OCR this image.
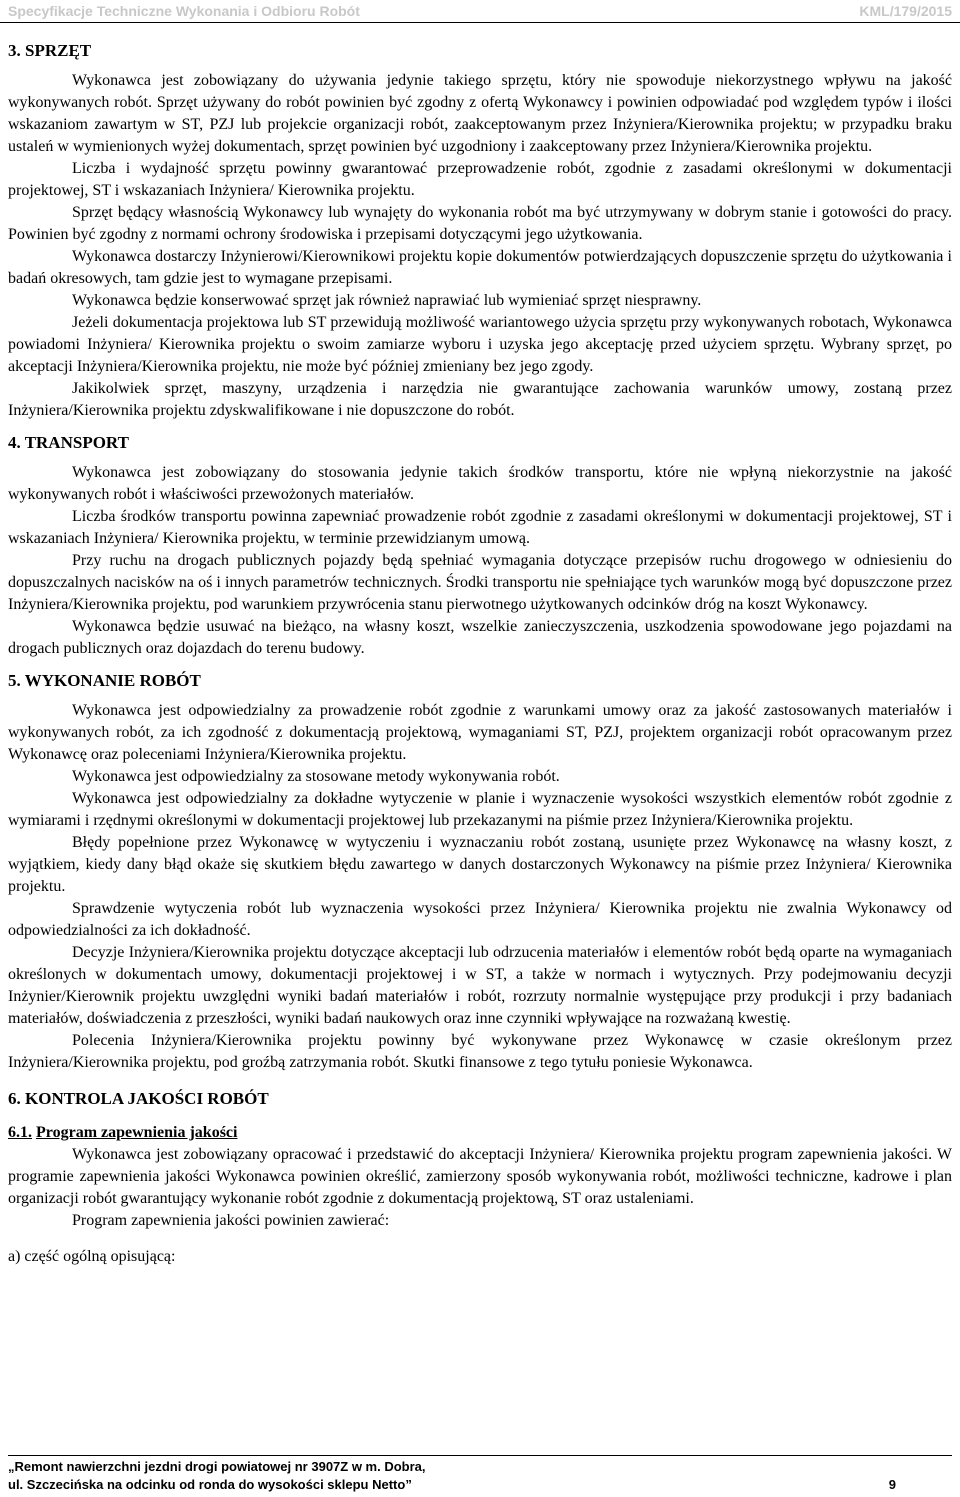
Specyfikacje Techniczne Wykonania i Odbioru Robót	KML/179/2015
3. SPRZĘT

Wykonawca jest zobowiązany do używania jedynie takiego sprzętu, który nie spowoduje niekorzystnego wpływu na jakość wykonywanych robót. Sprzęt używany do robót powinien być zgodny z ofertą Wykonawcy i powinien odpowiadać pod względem typów i ilości wskazaniom zawartym w ST, PZJ lub projekcie organizacji robót, zaakceptowanym przez Inżyniera/Kierownika projektu; w przypadku braku ustaleń w wymienionych wyżej dokumentach, sprzęt powinien być uzgodniony i zaakceptowany przez Inżyniera/Kierownika projektu.

Liczba i wydajność sprzętu powinny gwarantować przeprowadzenie robót, zgodnie z zasadami określonymi w dokumentacji projektowej, ST i wskazaniach Inżyniera/ Kierownika projektu.

Sprzęt będący własnością Wykonawcy lub wynajęty do wykonania robót ma być utrzymywany w dobrym stanie i gotowości do pracy. Powinien być zgodny z normami ochrony środowiska i przepisami dotyczącymi jego użytkowania.

Wykonawca dostarczy Inżynierowi/Kierownikowi projektu kopie dokumentów potwierdzających dopuszczenie sprzętu do użytkowania i badań okresowych, tam gdzie jest to wymagane przepisami.

Wykonawca będzie konserwować sprzęt jak również naprawiać lub wymieniać sprzęt niesprawny.

Jeżeli dokumentacja projektowa lub ST przewidują możliwość wariantowego użycia sprzętu przy wykonywanych robotach, Wykonawca powiadomi Inżyniera/ Kierownika projektu o swoim zamiarze wyboru i uzyska jego akceptację przed użyciem sprzętu. Wybrany sprzęt, po akceptacji Inżyniera/Kierownika projektu, nie może być później zmieniany bez jego zgody.

Jakikolwiek sprzęt, maszyny, urządzenia i narzędzia nie gwarantujące zachowania warunków umowy, zostaną przez Inżyniera/Kierownika projektu zdyskwalifikowane i nie dopuszczone do robót.

4. TRANSPORT

Wykonawca jest zobowiązany do stosowania jedynie takich środków transportu, które nie wpłyną niekorzystnie na jakość wykonywanych robót i właściwości przewożonych materiałów.

Liczba środków transportu powinna zapewniać prowadzenie robót zgodnie z zasadami określonymi w dokumentacji projektowej, ST i wskazaniach Inżyniera/ Kierownika projektu, w terminie przewidzianym umową.

Przy ruchu na drogach publicznych pojazdy będą spełniać wymagania dotyczące przepisów ruchu drogowego w odniesieniu do dopuszczalnych nacisków na oś i innych parametrów technicznych. Środki transportu nie spełniające tych warunków mogą być dopuszczone przez Inżyniera/Kierownika projektu, pod warunkiem przywrócenia stanu pierwotnego użytkowanych odcinków dróg na koszt Wykonawcy.

Wykonawca będzie usuwać na bieżąco, na własny koszt, wszelkie zanieczyszczenia, uszkodzenia spowodowane jego pojazdami na drogach publicznych oraz dojazdach do terenu budowy.

5. WYKONANIE ROBÓT

Wykonawca jest odpowiedzialny za prowadzenie robót zgodnie z warunkami umowy oraz za jakość zastosowanych materiałów i wykonywanych robót, za ich zgodność z dokumentacją projektową, wymaganiami ST, PZJ, projektem organizacji robót opracowanym przez Wykonawcę oraz poleceniami Inżyniera/Kierownika projektu.

Wykonawca jest odpowiedzialny za stosowane metody wykonywania robót.

Wykonawca jest odpowiedzialny za dokładne wytyczenie w planie i wyznaczenie wysokości wszystkich elementów robót zgodnie z wymiarami i rzędnymi określonymi w dokumentacji projektowej lub przekazanymi na piśmie przez Inżyniera/Kierownika projektu.

Błędy popełnione przez Wykonawcę w wytyczeniu i wyznaczaniu robót zostaną, usunięte przez Wykonawcę na własny koszt, z wyjątkiem, kiedy dany błąd okaże się skutkiem błędu zawartego w danych dostarczonych Wykonawcy na piśmie przez Inżyniera/ Kierownika projektu.

Sprawdzenie wytyczenia robót lub wyznaczenia wysokości przez Inżyniera/ Kierownika projektu nie zwalnia Wykonawcy od odpowiedzialności za ich dokładność.

Decyzje Inżyniera/Kierownika projektu dotyczące akceptacji lub odrzucenia materiałów i elementów robót będą oparte na wymaganiach określonych w dokumentach umowy, dokumentacji projektowej i w ST, a także w normach i wytycznych. Przy podejmowaniu decyzji Inżynier/Kierownik projektu uwzględni wyniki badań materiałów i robót, rozrzuty normalnie występujące przy produkcji i przy badaniach materiałów, doświadczenia z przeszłości, wyniki badań naukowych oraz inne czynniki wpływające na rozważaną kwestię.

Polecenia Inżyniera/Kierownika projektu powinny być wykonywane przez Wykonawcę w czasie określonym przez Inżyniera/Kierownika projektu, pod groźbą zatrzymania robót. Skutki finansowe z tego tytułu poniesie Wykonawca.

6. KONTROLA JAKOŚCI ROBÓT
6.1. Program zapewnienia jakości

Wykonawca jest zobowiązany opracować i przedstawić do akceptacji Inżyniera/ Kierownika projektu program zapewnienia jakości. W programie zapewnienia jakości Wykonawca powinien określić, zamierzony sposób wykonywania robót, możliwości techniczne, kadrowe i plan organizacji robót gwarantujący wykonanie robót zgodnie z dokumentacją projektową, ST oraz ustaleniami.

Program zapewnienia jakości powinien zawierać:

a) część ogólną opisującą:

„Remont nawierzchni jezdni drogi powiatowej nr 3907Z w m. Dobra,
ul. Szczecińska na odcinku od ronda do wysokości sklepu Netto”	9
